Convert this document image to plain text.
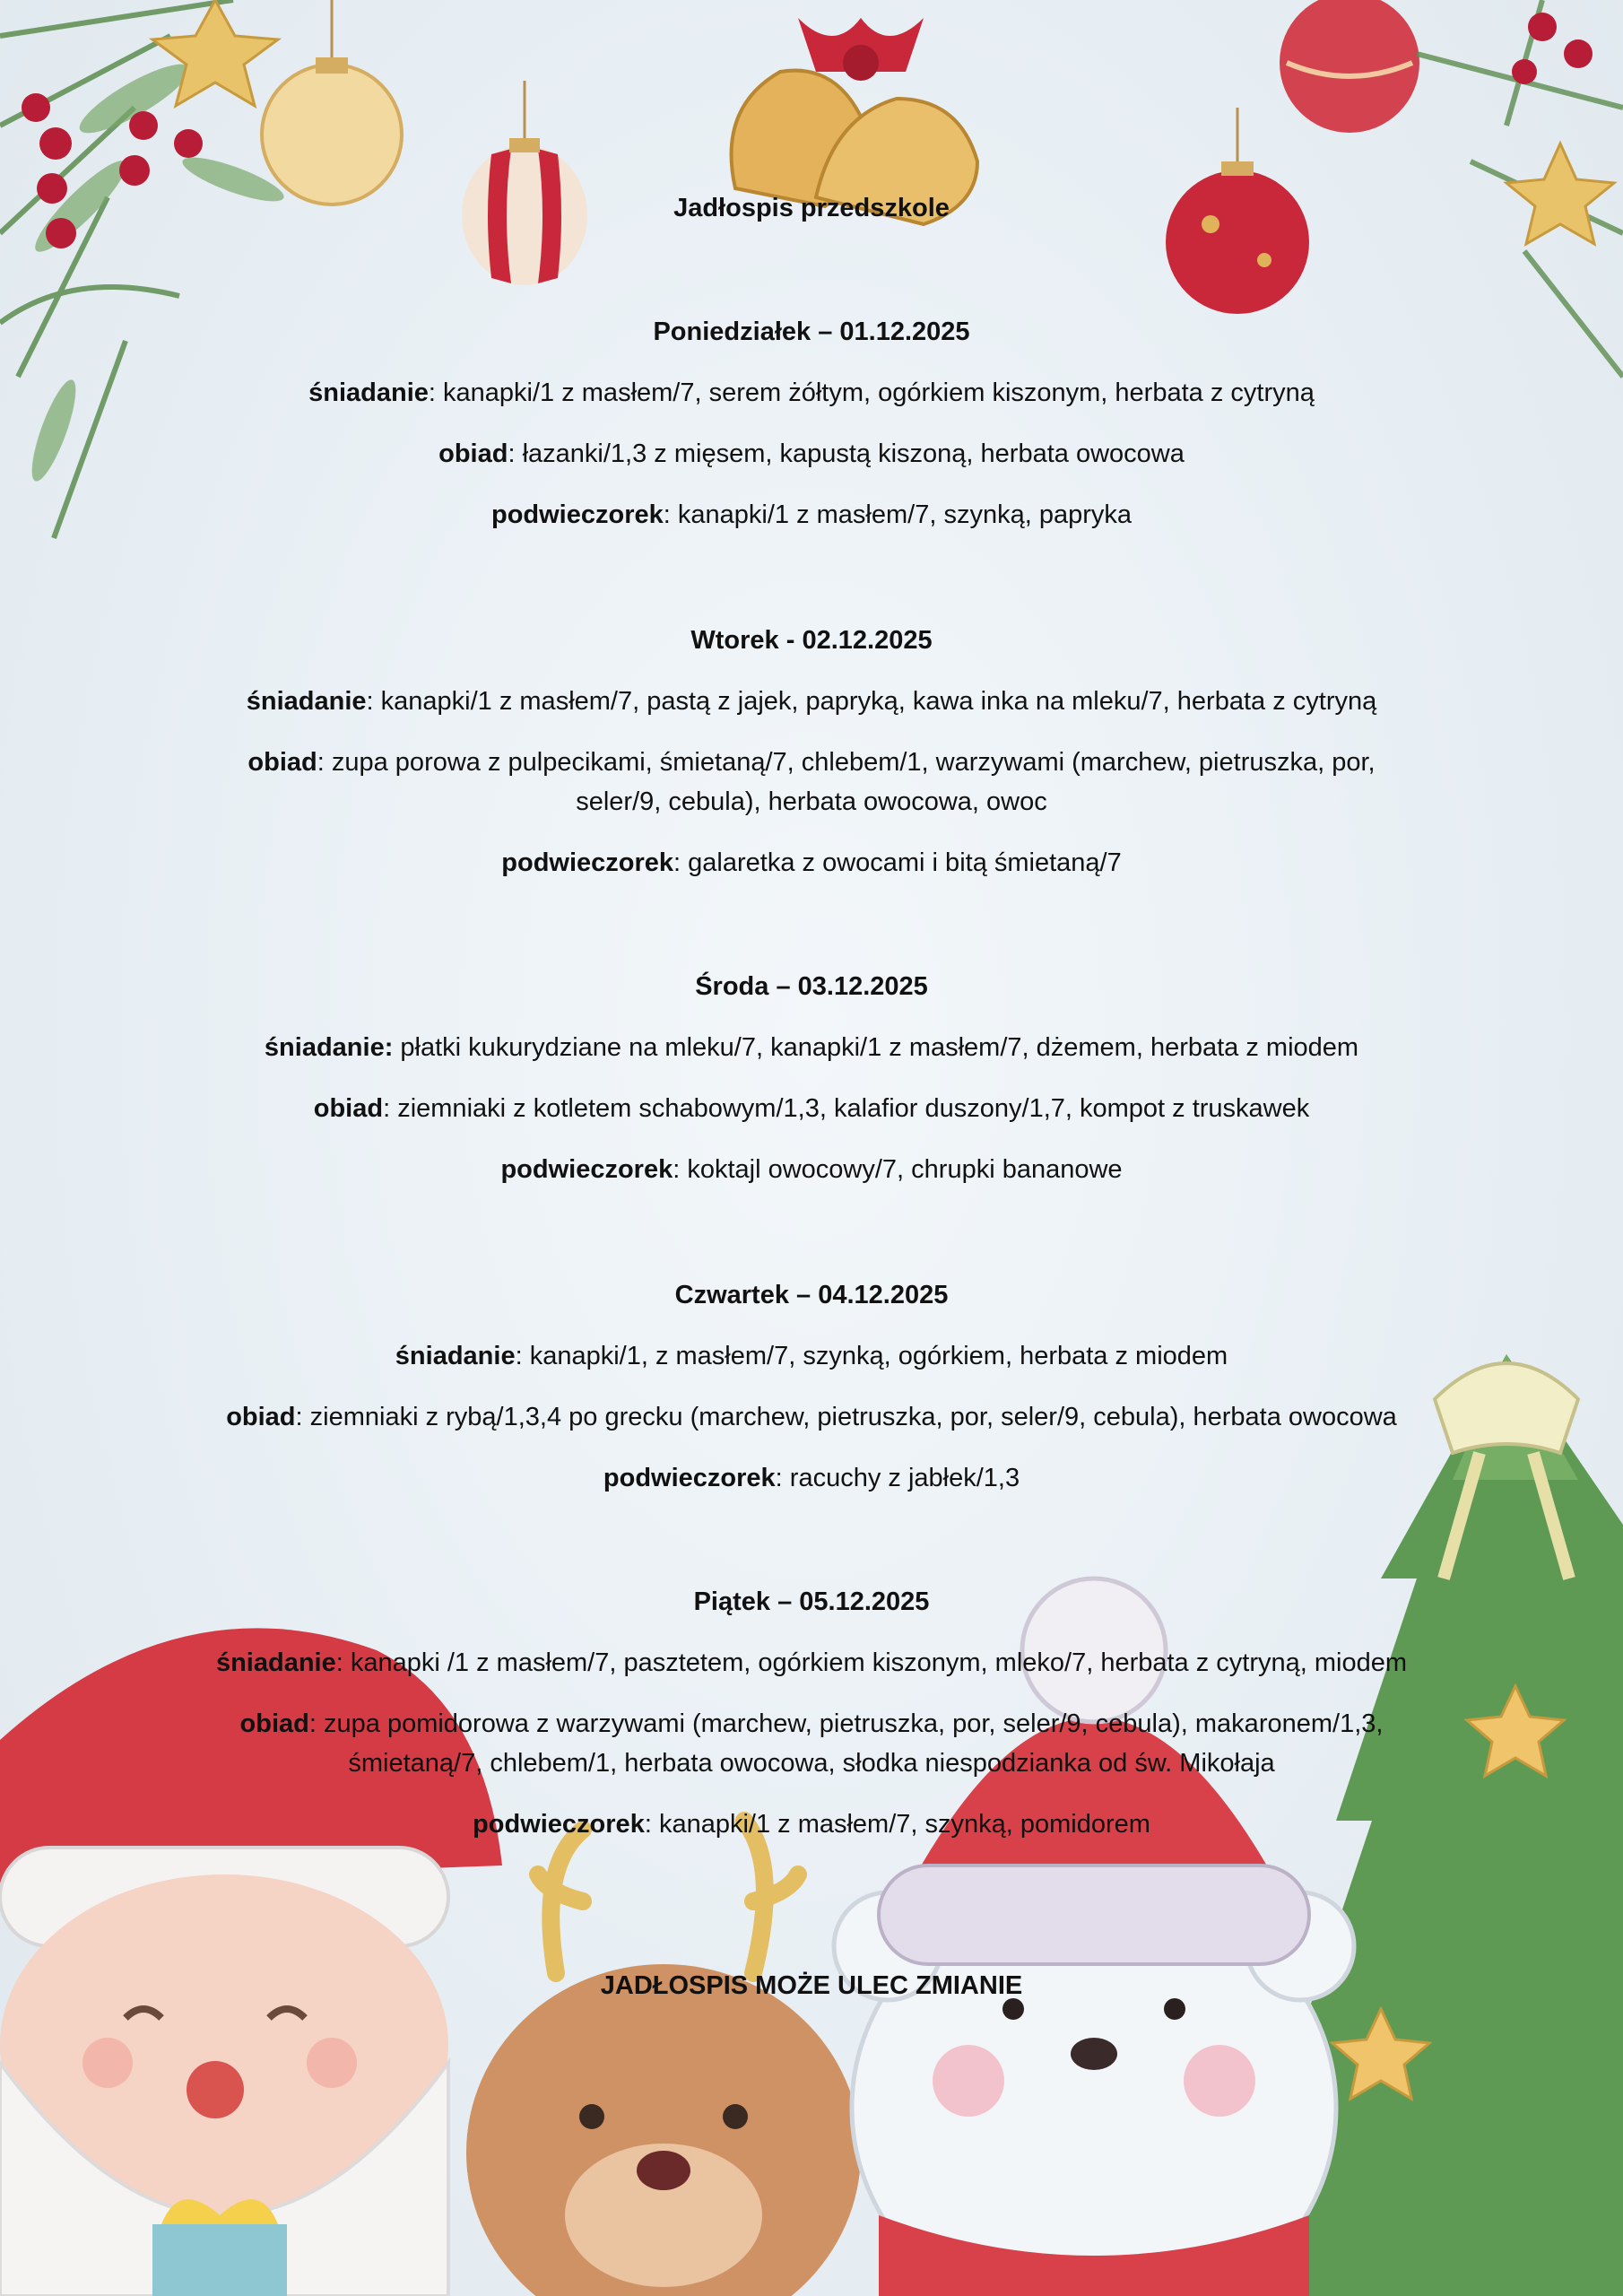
Jadłospis przedszkole
Poniedziałek – 01.12.2025
śniadanie: kanapki/1 z masłem/7, serem żółtym, ogórkiem kiszonym, herbata z cytryną
obiad: łazanki/1,3 z mięsem, kapustą kiszoną, herbata owocowa
podwieczorek: kanapki/1 z masłem/7, szynką, papryka
Wtorek - 02.12.2025
śniadanie: kanapki/1 z masłem/7, pastą z jajek, papryką, kawa inka na mleku/7, herbata z cytryną
obiad: zupa porowa z pulpecikami, śmietaną/7, chlebem/1, warzywami (marchew, pietruszka, por, seler/9, cebula), herbata owocowa, owoc
podwieczorek: galaretka z owocami i bitą śmietaną/7
Środa – 03.12.2025
śniadanie: płatki kukurydziane na mleku/7, kanapki/1 z masłem/7, dżemem, herbata z miodem
obiad: ziemniaki z kotletem schabowym/1,3, kalafior duszony/1,7, kompot z truskawek
podwieczorek: koktajl owocowy/7, chrupki bananowe
Czwartek – 04.12.2025
śniadanie: kanapki/1, z masłem/7, szynką, ogórkiem, herbata z miodem
obiad: ziemniaki z rybą/1,3,4 po grecku (marchew, pietruszka, por, seler/9, cebula), herbata owocowa
podwieczorek: racuchy z jabłek/1,3
Piątek – 05.12.2025
śniadanie: kanapki /1 z masłem/7, pasztetem, ogórkiem kiszonym, mleko/7, herbata z cytryną, miodem
obiad: zupa pomidorowa z warzywami (marchew, pietruszka, por, seler/9, cebula), makaronem/1,3, śmietaną/7, chlebem/1, herbata owocowa, słodka niespodzianka od św. Mikołaja
podwieczorek: kanapki/1 z masłem/7, szynką, pomidorem
JADŁOSPIS MOŻE ULEC ZMIANIE
